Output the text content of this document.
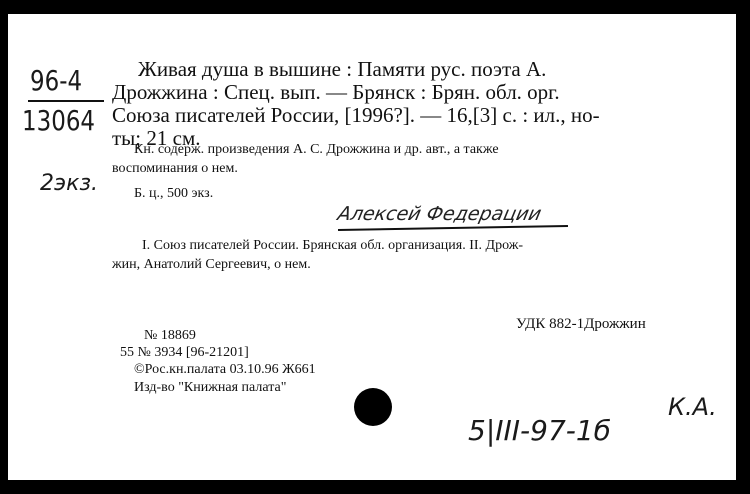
96-4
13064
2экз.
Живая душа в вышине : Памяти рус. поэта А.
Дрожжина : Спец. вып. — Брянск : Брян. обл. орг.
Союза писателей России, [1996?]. — 16,[3] с. : ил., но-
ты; 21 см.
Кн. содерж. произведения А. С. Дрожжина и др. авт., а также
воспоминания о нем.
Б. ц., 500 экз.
Алексей Федерации
I. Союз писателей России. Брянская обл. организация. II. Дрож-
жин, Анатолий Сергеевич, о нем.
УДК 882-1Дрожжин
№ 18869
55 № 3934 [96-21201]
©Рос.кн.палата 03.10.96 Ж661
Изд-во "Книжная палата"
5|III-97-1б
К.А.
